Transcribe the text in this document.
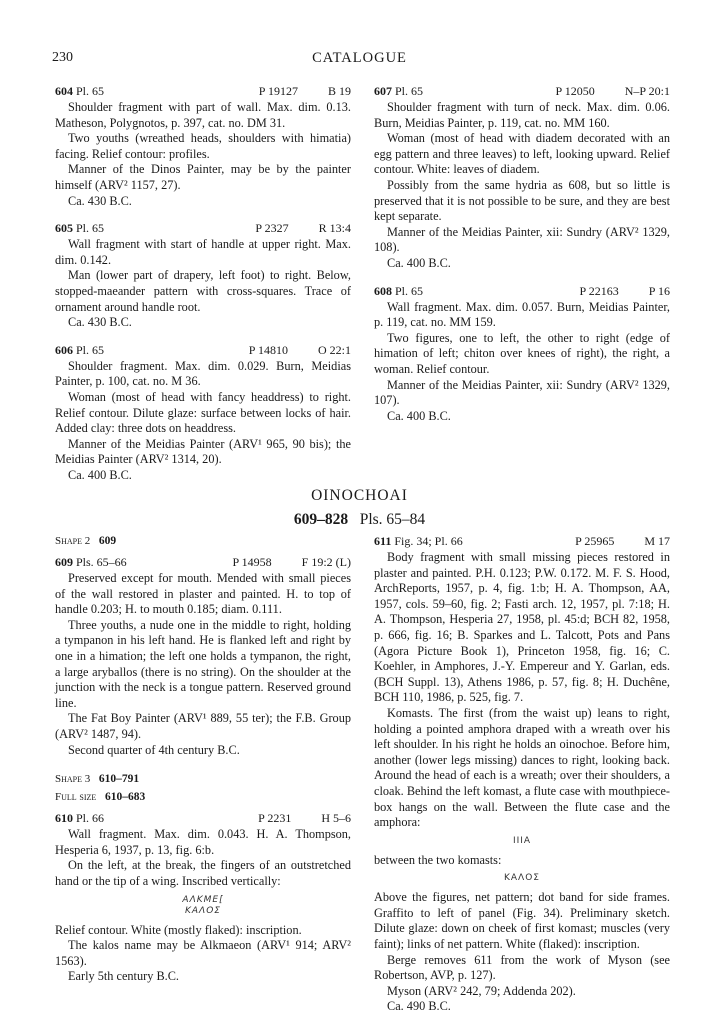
230	CATALOGUE
604 Pl. 65	P 19127          B 19

Shoulder fragment with part of wall. Max. dim. 0.13. Matheson, Polygnotos, p. 397, cat. no. DM 31.

Two youths (wreathed heads, shoulders with himatia) facing. Relief contour: profiles.

Manner of the Dinos Painter, may be by the painter himself (ARV² 1157, 27).

Ca. 430 B.C.

605 Pl. 65	P 2327          R 13:4

Wall fragment with start of handle at upper right. Max. dim. 0.142.

Man (lower part of drapery, left foot) to right. Below, stopped-maeander pattern with cross-squares. Trace of ornament around handle root.

Ca. 430 B.C.

606 Pl. 65	P 14810          O 22:1

Shoulder fragment. Max. dim. 0.029. Burn, Meidias Painter, p. 100, cat. no. M 36.

Woman (most of head with fancy headdress) to right. Relief contour. Dilute glaze: surface between locks of hair. Added clay: three dots on headdress.

Manner of the Meidias Painter (ARV¹ 965, 90 bis); the Meidias Painter (ARV² 1314, 20).

Ca. 400 B.C.

607 Pl. 65	P 12050          N–P 20:1

Shoulder fragment with turn of neck. Max. dim. 0.06. Burn, Meidias Painter, p. 119, cat. no. MM 160.

Woman (most of head with diadem decorated with an egg pattern and three leaves) to left, looking upward. Relief contour. White: leaves of diadem.

Possibly from the same hydria as 608, but so little is preserved that it is not possible to be sure, and they are best kept separate.

Manner of the Meidias Painter, xii: Sundry (ARV² 1329, 108).

Ca. 400 B.C.

608 Pl. 65	P 22163          P 16

Wall fragment. Max. dim. 0.057. Burn, Meidias Painter, p. 119, cat. no. MM 159.

Two figures, one to left, the other to right (edge of himation of left; chiton over knees of right), the right, a woman. Relief contour.

Manner of the Meidias Painter, xii: Sundry (ARV² 1329, 107).

Ca. 400 B.C.

OINOCHOAI
609–828 Pls. 65–84
Shape 2 609
609 Pls. 65–66	P 14958          F 19:2 (L)

Preserved except for mouth. Mended with small pieces of the wall restored in plaster and painted. H. to top of handle 0.203; H. to mouth 0.185; diam. 0.111.

Three youths, a nude one in the middle to right, holding a tympanon in his left hand. He is flanked left and right by one in a himation; the left one holds a tympanon, the right, a large aryballos (there is no string). On the shoulder at the junction with the neck is a tongue pattern. Reserved ground line.

The Fat Boy Painter (ARV¹ 889, 55 ter); the F.B. Group (ARV² 1487, 94).

Second quarter of 4th century B.C.

Shape 3 610–791
Full size 610–683
610 Pl. 66	P 2231          H 5–6

Wall fragment. Max. dim. 0.043. H. A. Thompson, Hesperia 6, 1937, p. 13, fig. 6:b.

On the left, at the break, the fingers of an outstretched hand or the tip of a wing. Inscribed vertically:

ΑΛΚΜΕ[
ΚΑΛΟΣ

Relief contour. White (mostly flaked): inscription.

The kalos name may be Alkmaeon (ARV¹ 914; ARV² 1563).

Early 5th century B.C.

611 Fig. 34; Pl. 66	P 25965          M 17

Body fragment with small missing pieces restored in plaster and painted. P.H. 0.123; P.W. 0.172. M. F. S. Hood, ArchReports, 1957, p. 4, fig. 1:b; H. A. Thompson, AA, 1957, cols. 59–60, fig. 2; Fasti arch. 12, 1957, pl. 7:18; H. A. Thompson, Hesperia 27, 1958, pl. 45:d; BCH 82, 1958, p. 666, fig. 16; B. Sparkes and L. Talcott, Pots and Pans (Agora Picture Book 1), Princeton 1958, fig. 16; C. Koehler, in Amphores, J.-Y. Empereur and Y. Garlan, eds. (BCH Suppl. 13), Athens 1986, p. 57, fig. 8; H. Duchêne, BCH 110, 1986, p. 525, fig. 7.

Komasts. The first (from the waist up) leans to right, holding a pointed amphora draped with a wreath over his left shoulder. In his right he holds an oinochoe. Before him, another (lower legs missing) dances to right, looking back. Around the head of each is a wreath; over their shoulders, a cloak. Behind the left komast, a flute case with mouthpiece-box hangs on the wall. Between the flute case and the amphora:

ΙΙΙΑ

between the two komasts:

ΚΑΛΟΣ

Above the figures, net pattern; dot band for side frames. Graffito to left of panel (Fig. 34). Preliminary sketch. Dilute glaze: down on cheek of first komast; muscles (very faint); links of net pattern. White (flaked): inscription.

Berge removes 611 from the work of Myson (see Robertson, AVP, p. 127).

Myson (ARV² 242, 79; Addenda 202).

Ca. 490 B.C.
